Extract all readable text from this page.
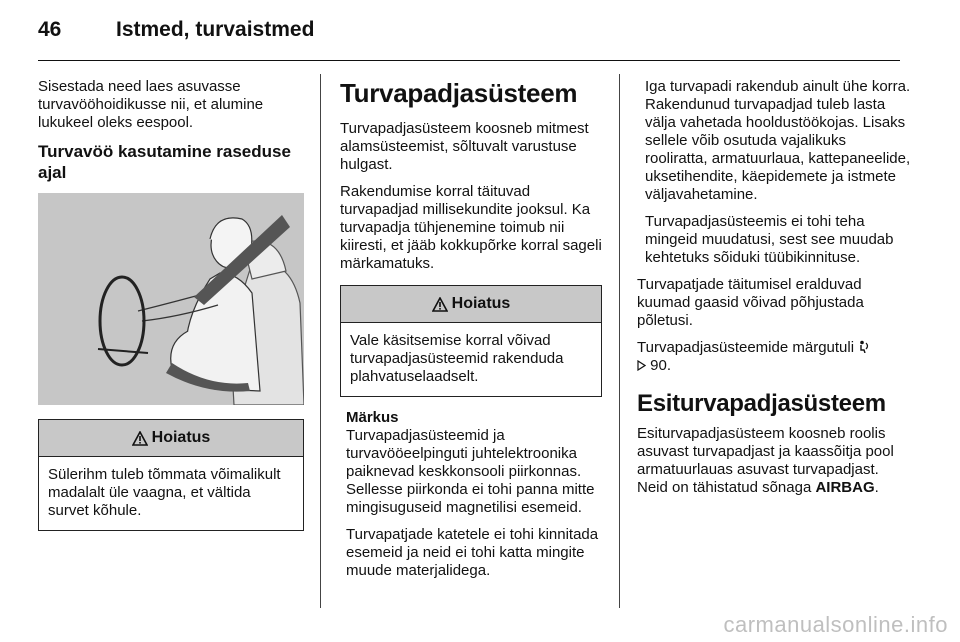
46	Istmed, turvaistmed

Sisestada need laes asuvasse turvavööhoidikusse nii, et alumine lukukeel oleks eespool.

Turvavöö kasutamine raseduse ajal
Hoiatus
Sülerihm tuleb tõmmata võimalikult madalalt üle vaagna, et vältida survet kõhule.
Turvapadjasüsteem

Turvapadjasüsteem koosneb mitmest alamsüsteemist, sõltuvalt varustuse hulgast.

Rakendumise korral täituvad turvapadjad millisekundite jooksul. Ka turvapadja tühjenemine toimub nii kiiresti, et jääb kokkupõrke korral sageli märkamatuks.

Hoiatus
Vale käsitsemise korral võivad turvapadjasüsteemid rakenduda plahvatuselaadselt.
Märkus

Turvapadjasüsteemid ja turvavööeelpinguti juhtelektroonika paiknevad keskkonsooli piirkonnas. Sellesse piirkonda ei tohi panna mitte mingisuguseid magnetilisi esemeid.

Turvapatjade katetele ei tohi kinnitada esemeid ja neid ei tohi katta mingite muude materjalidega.

Iga turvapadi rakendub ainult ühe korra. Rakendunud turvapadjad tuleb lasta välja vahetada hooldustöökojas. Lisaks sellele võib osutuda vajalikuks rooliratta, armatuurlaua, kattepaneelide, uksetihendite, käepidemete ja istmete väljavahetamine.

Turvapadjasüsteemis ei tohi teha mingeid muudatusi, sest see muudab kehtetuks sõiduki tüübikinnituse.

Turvapatjade täitumisel eralduvad kuumad gaasid võivad põhjustada põletusi.

Turvapadjasüsteemide märgutuli
90.

Esiturvapadjasüsteem

Esiturvapadjasüsteem koosneb roolis asuvast turvapadjast ja kaassõitja pool armatuurlauas asuvast turvapadjast. Neid on tähistatud sõnaga AIRBAG.

carmanualsonline.info
